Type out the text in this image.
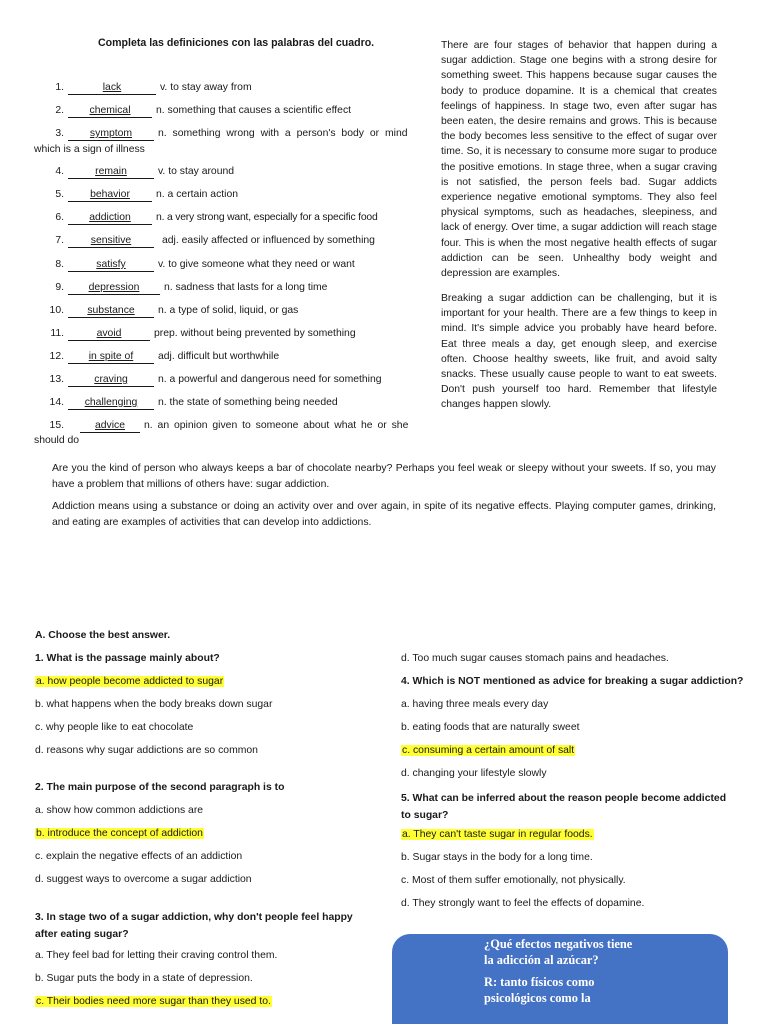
Completa las definiciones con las palabras del cuadro.
1.	lack	v. to stay away from
2. chemical n. something that causes a scientific effect
3. symptom n. something wrong with a person's body or mind
which is a sign of illness
4.	remain	v. to stay around
5.	behavior	n. a certain action
6. addiction n. a very strong want, especially for a specific food
7.	sensitive	adj. easily affected or influenced by something
8.	satisfy	v. to give someone what they need or want
9. depression n. sadness that lasts for a long time
10. substance n. a type of solid, liquid, or gas
11.	avoid	prep. without being prevented by something
12. in spite of adj. difficult but worthwhile
13.	craving	n. a powerful and dangerous need for something
14. challenging n. the state of something being needed
15.	advice n. an opinion given to someone about what he or she
should do
There are four stages of behavior that happen during a sugar addiction. Stage one begins with a strong desire for something sweet. This happens because sugar causes the body to produce dopamine. It is a chemical that creates feelings of happiness. In stage two, even after sugar has been eaten, the desire remains and grows. This is because the body becomes less sensitive to the effect of sugar over time. So, it is necessary to consume more sugar to produce the positive emotions. In stage three, when a sugar craving is not satisfied, the person feels bad. Sugar addicts experience negative emotional symptoms. They also feel physical symptoms, such as headaches, sleepiness, and lack of energy. Over time, a sugar addiction will reach stage four. This is when the most negative health effects of sugar addiction can be seen. Unhealthy body weight and depression are examples.
Breaking a sugar addiction can be challenging, but it is important for your health. There are a few things to keep in mind. It's simple advice you probably have heard before. Eat three meals a day, get enough sleep, and exercise often. Choose healthy sweets, like fruit, and avoid salty snacks. These usually cause people to want to eat sweets. Don't push yourself too hard. Remember that lifestyle changes happen slowly.
Are you the kind of person who always keeps a bar of chocolate nearby? Perhaps you feel weak or sleepy without your sweets. If so, you may have a problem that millions of others have: sugar addiction.
Addiction means using a substance or doing an activity over and over again, in spite of its negative effects. Playing computer games, drinking, and eating are examples of activities that can develop into addictions.
A. Choose the best answer.
1. What is the passage mainly about?
a. how people become addicted to sugar
b. what happens when the body breaks down sugar
c. why people like to eat chocolate
d. reasons why sugar addictions are so common
2. The main purpose of the second paragraph is to
a. show how common addictions are
b. introduce the concept of addiction
c. explain the negative effects of an addiction
d. suggest ways to overcome a sugar addiction
3. In stage two of a sugar addiction, why don't people feel happy after eating sugar?
a. They feel bad for letting their craving control them.
b. Sugar puts the body in a state of depression.
c. Their bodies need more sugar than they used to.
d. Too much sugar causes stomach pains and headaches.
4. Which is NOT mentioned as advice for breaking a sugar addiction?
a. having three meals every day
b. eating foods that are naturally sweet
c. consuming a certain amount of salt
d. changing your lifestyle slowly
5. What can be inferred about the reason people become addicted to sugar?
a. They can't taste sugar in regular foods.
b. Sugar stays in the body for a long time.
c. Most of them suffer emotionally, not physically.
d. They strongly want to feel the effects of dopamine.

¿Qué efectos negativos tiene la adicción al azúcar?

R: tanto físicos como psicológicos como la
